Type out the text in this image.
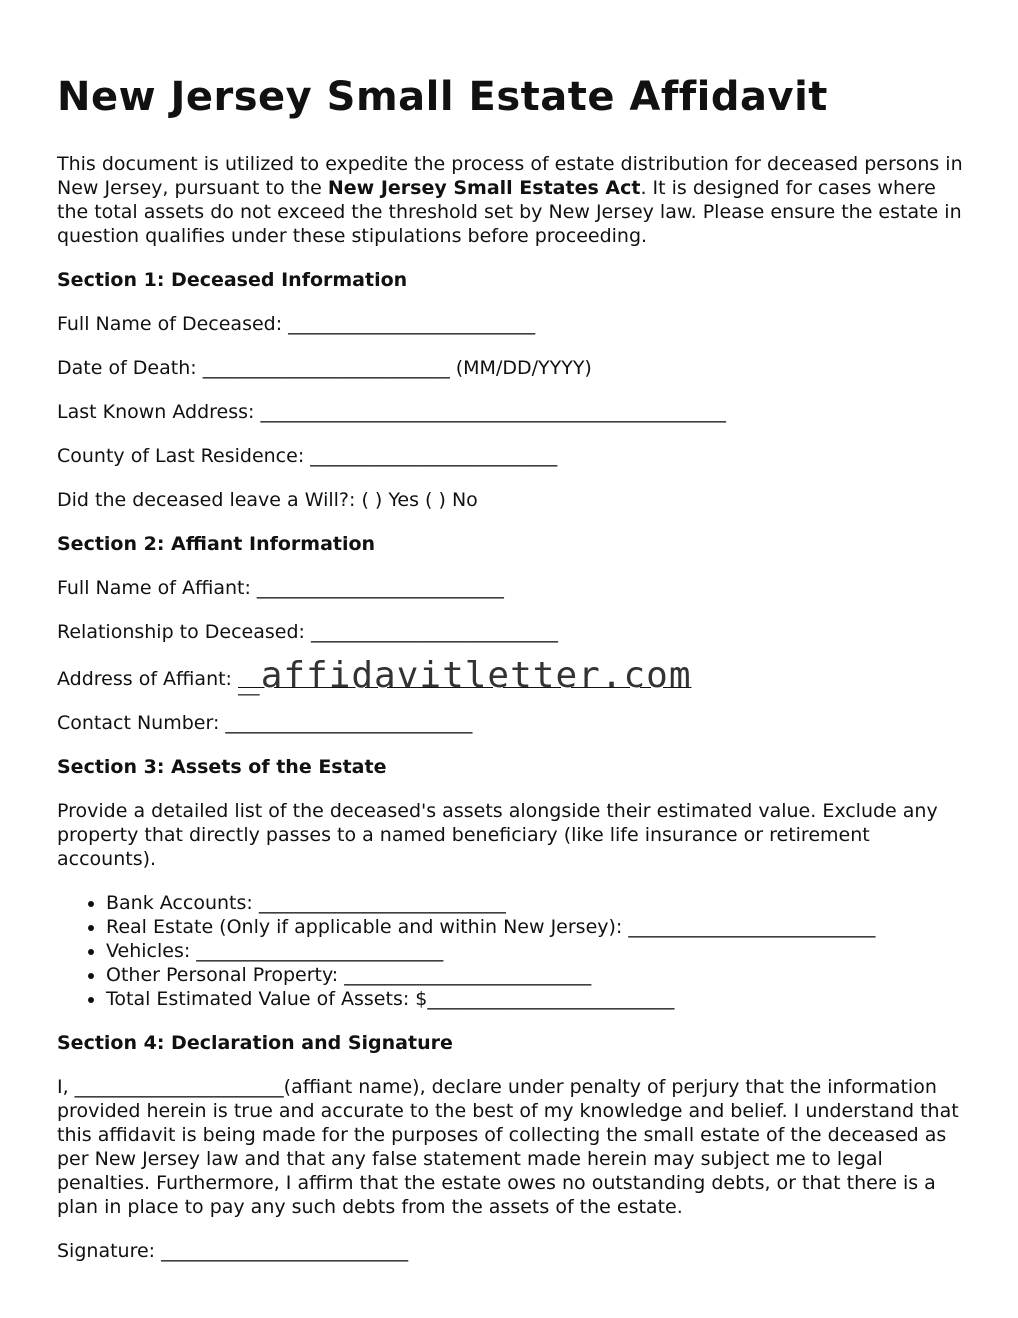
New Jersey Small Estate Affidavit

This document is utilized to expedite the process of estate distribution for deceased persons in New Jersey, pursuant to the New Jersey Small Estates Act. It is designed for cases where the total assets do not exceed the threshold set by New Jersey law. Please ensure the estate in question qualifies under these stipulations before proceeding.

Section 1: Deceased Information

Full Name of Deceased: __________________________
Date of Death: __________________________ (MM/DD/YYYY)
Last Known Address: _________________________________________________
County of Last Residence: __________________________
Did the deceased leave a Will?: ( ) Yes ( ) No

Section 2: Affiant Information

Full Name of Affiant: __________________________
Relationship to Deceased: __________________________
Address of Affiant: _affidavitletter.com
Contact Number: __________________________

Section 3: Assets of the Estate

Provide a detailed list of the deceased's assets alongside their estimated value. Exclude any property that directly passes to a named beneficiary (like life insurance or retirement accounts).

• Bank Accounts: __________________________
• Real Estate (Only if applicable and within New Jersey): __________________________
• Vehicles: __________________________
• Other Personal Property: __________________________
• Total Estimated Value of Assets: $__________________________

Section 4: Declaration and Signature

I, ______________________(affiant name), declare under penalty of perjury that the information provided herein is true and accurate to the best of my knowledge and belief. I understand that this affidavit is being made for the purposes of collecting the small estate of the deceased as per New Jersey law and that any false statement made herein may subject me to legal penalties. Furthermore, I affirm that the estate owes no outstanding debts, or that there is a plan in place to pay any such debts from the assets of the estate.

Signature: __________________________
